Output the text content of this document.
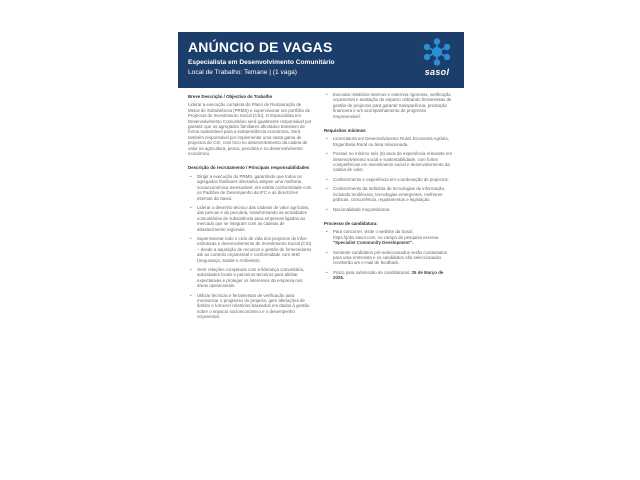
ANÚNCIO DE VAGAS
Especialista em Desenvolvimento Comunitário
Local de Trabalho: Temane | (1 vaga)	sasol
Breve Descrição / Objectivo do Trabalho
Liderar a execução completa do Plano de Restauração de Meios de Subsistência (PRMS) e supervisionar um portfólio de Projectos de Investimento Social (CSI). O Especialista em Desenvolvimento Comunitário será igualmente responsável por garantir que os agregados familiares afectados transitem de forma sustentável para a independência económica. Será também responsável por implementar uma vasta gama de projectos de CSI, com foco no desenvolvimento da cadeia de valor na agricultura, pesca, pecuária e no desenvolvimento económico.
Descrição do recrutamento / Principais responsabilidades
• Dirigir a execução do PRMS, garantindo que todos os agregados familiares afectados atinjam uma melhoria socioeconómica mensurável, em estrita conformidade com os Padrões de Desempenho da IFC e as directrizes internas da Sasol.
• Liderar o desenho técnico das cadeias de valor agrícolas, das pescas e da pecuária, transformando as actividades comunitárias de subsistência para empresas ligadas ao mercado que se integram com as cadeias de abastecimento regionais.
• Supervisionar todo o ciclo de vida dos projectos de infra-estruturas e desenvolvimento de Investimento Social (CSI) – desde a aquisição de recursos e gestão de fornecedores até ao controlo orçamental e conformidade com SHE (Segurança, Saúde e Ambiente).
• Gerir relações complexas com a liderança comunitária, autoridades locais e parceiros terceiros para alinhar expectativas e proteger os interesses da empresa nos áreas operacionais.
• Utilizar técnicas e ferramentas de verificação para monitorizar o progresso do projecto, gerir alterações de âmbito e fornecer relatórios baseados em dados à gestão sobre o impacto socioeconómico e o desempenho orçamental.
• Executar relatórios internos e externos rigorosos, verificação orçamental e avaliação de impacto utilizando ferramentas de gestão de projectos para garantir transparência, prestação financeira e um acompanhamento de progresso irrepreensível.
Requisitos mínimos
• Licenciatura em Desenvolvimento Rural, Economia Agrária, Engenharia Rural ou área relacionada.
• Possuir no mínimo seis (6) anos de experiência relevante em desenvolvimento social e sustentabilidade, com fortes competências em investimento social e desenvolvimento da cadeia de valor.
• Conhecimento e experiência em coordenação de projectos.
• Conhecimento da Indústria de tecnologias de informação, incluindo tendências, tecnologias emergentes, melhores práticas, concorrência, regulamentos e legislação.
• Nacionalidade moçambicana.
Processo de candidatura:
• Para concorrer, visite o website da Sasol, https://jobs.sasol.com, no campo de pesquisa escreva "Specialist Community Development".
• Somente candidatos pré-seleccionados serão contactados para uma entrevista e os candidatos não seleccionados receberão um e-mail de feedback.
• Prazo para submissão de candidaturas: 25 de Março de 2026.
